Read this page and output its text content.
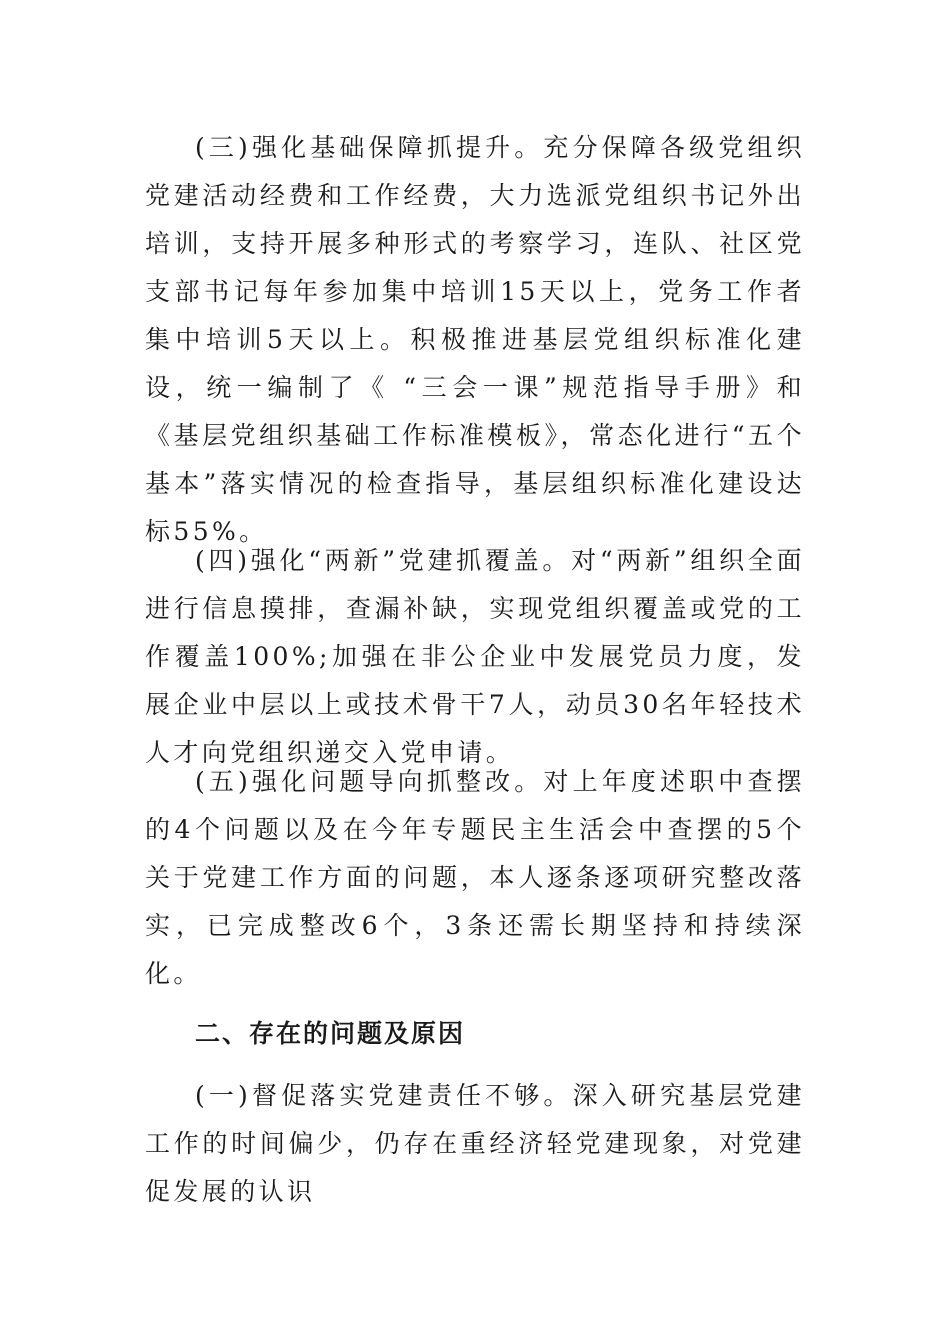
(三)强化基础保障抓提升。充分保障各级党组织党建活动经费和工作经费，大力选派党组织书记外出培训，支持开展多种形式的考察学习，连队、社区党支部书记每年参加集中培训15天以上，党务工作者集中培训5天以上。积极推进基层党组织标准化建设，统一编制了《 “三会一课”规范指导手册》和《基层党组织基础工作标准模板》，常态化进行“五个基本”落实情况的检查指导，基层组织标准化建设达标55%。

(四)强化“两新”党建抓覆盖。对“两新”组织全面进行信息摸排，查漏补缺，实现党组织覆盖或党的工作覆盖100%;加强在非公企业中发展党员力度，发展企业中层以上或技术骨干7人，动员30名年轻技术人才向党组织递交入党申请。

(五)强化问题导向抓整改。对上年度述职中查摆的4个问题以及在今年专题民主生活会中查摆的5个关于党建工作方面的问题，本人逐条逐项研究整改落实，已完成整改6个，3条还需长期坚持和持续深化。

二、存在的问题及原因

(一)督促落实党建责任不够。深入研究基层党建工作的时间偏少，仍存在重经济轻党建现象，对党建促发展的认识
